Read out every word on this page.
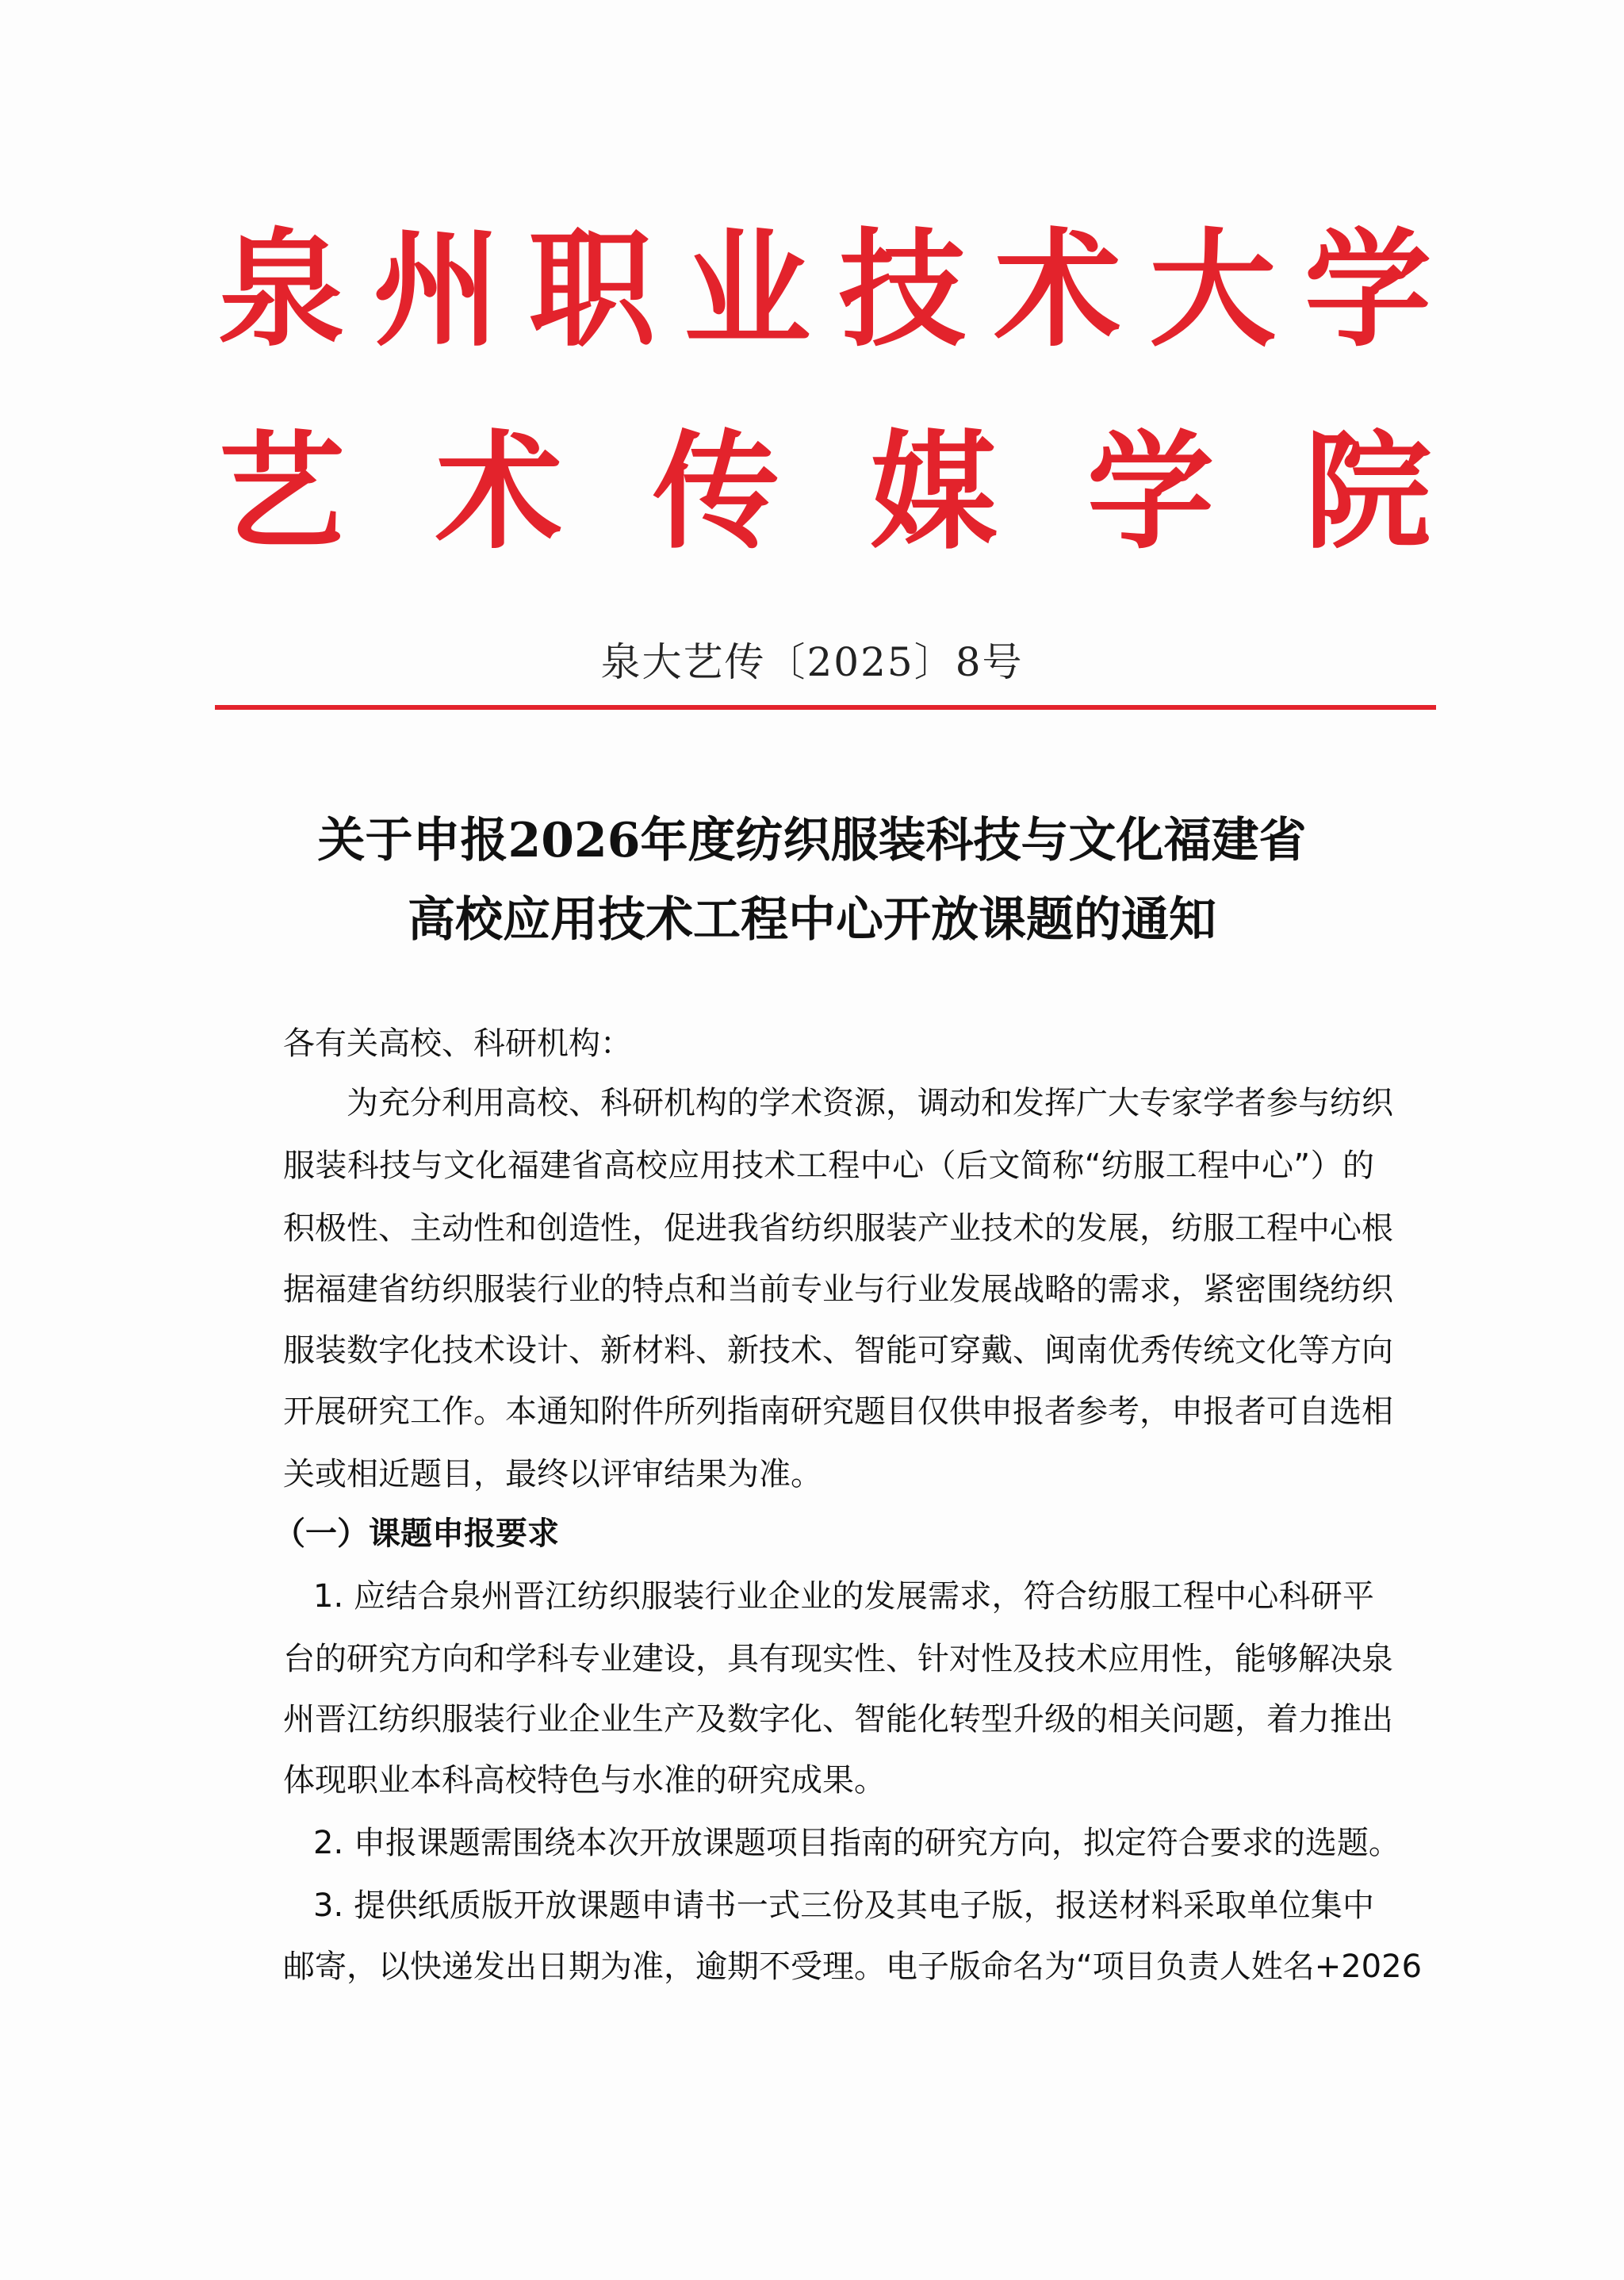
泉州职业技术大学
艺术传媒学院
泉大艺传〔2025〕8号
关于申报2026年度纺织服装科技与文化福建省
高校应用技术工程中心开放课题的通知
各有关高校、科研机构：
为充分利用高校、科研机构的学术资源，调动和发挥广大专家学者参与纺织
服装科技与文化福建省高校应用技术工程中心（后文简称“纺服工程中心”）的
积极性、主动性和创造性，促进我省纺织服装产业技术的发展，纺服工程中心根
据福建省纺织服装行业的特点和当前专业与行业发展战略的需求，紧密围绕纺织
服装数字化技术设计、新材料、新技术、智能可穿戴、闽南优秀传统文化等方向
开展研究工作。本通知附件所列指南研究题目仅供申报者参考，申报者可自选相
关或相近题目，最终以评审结果为准。
（一）课题申报要求
1. 应结合泉州晋江纺织服装行业企业的发展需求，符合纺服工程中心科研平
台的研究方向和学科专业建设，具有现实性、针对性及技术应用性，能够解决泉
州晋江纺织服装行业企业生产及数字化、智能化转型升级的相关问题，着力推出
体现职业本科高校特色与水准的研究成果。
2. 申报课题需围绕本次开放课题项目指南的研究方向，拟定符合要求的选题。
3. 提供纸质版开放课题申请书一式三份及其电子版，报送材料采取单位集中
邮寄，以快递发出日期为准，逾期不受理。电子版命名为“项目负责人姓名+2026
